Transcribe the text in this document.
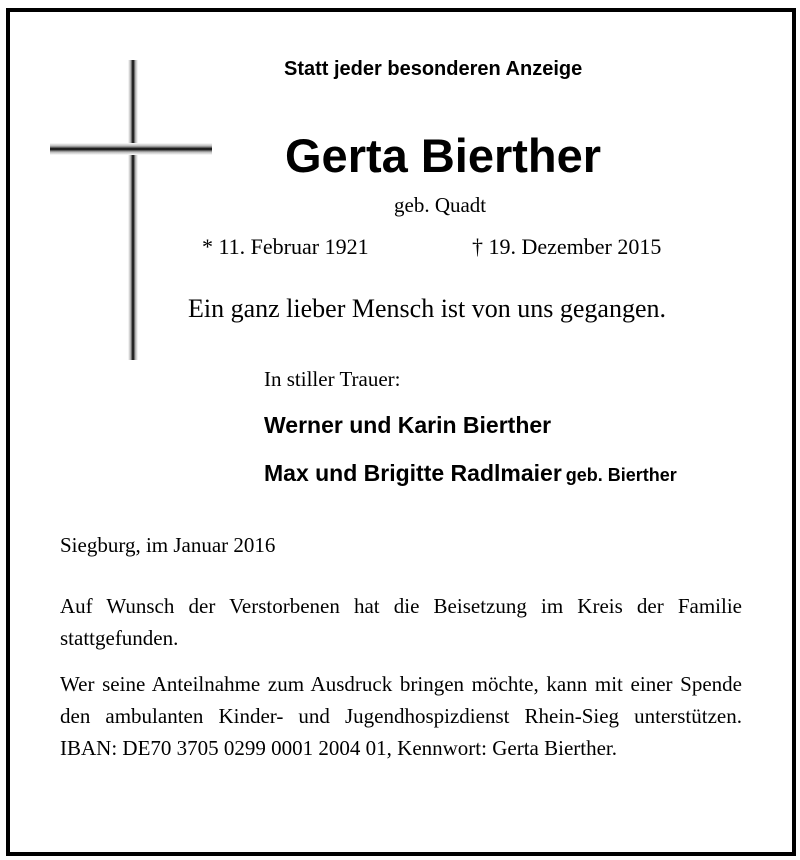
Statt jeder besonderen Anzeige
Gerta Bierther
geb. Quadt
* 11. Februar 1921	† 19. Dezember 2015
Ein ganz lieber Mensch ist von uns gegangen.
In stiller Trauer:
Werner und Karin Bierther
Max und Brigitte Radlmaier geb. Bierther
Siegburg, im Januar 2016
Auf Wunsch der Verstorbenen hat die Beisetzung im Kreis der Familie stattgefunden.
Wer seine Anteilnahme zum Ausdruck bringen möchte, kann mit einer Spende den ambulanten Kinder- und Jugendhospizdienst Rhein-Sieg unterstützen. IBAN: DE70 3705 0299 0001 2004 01, Kennwort: Gerta Bierther.
